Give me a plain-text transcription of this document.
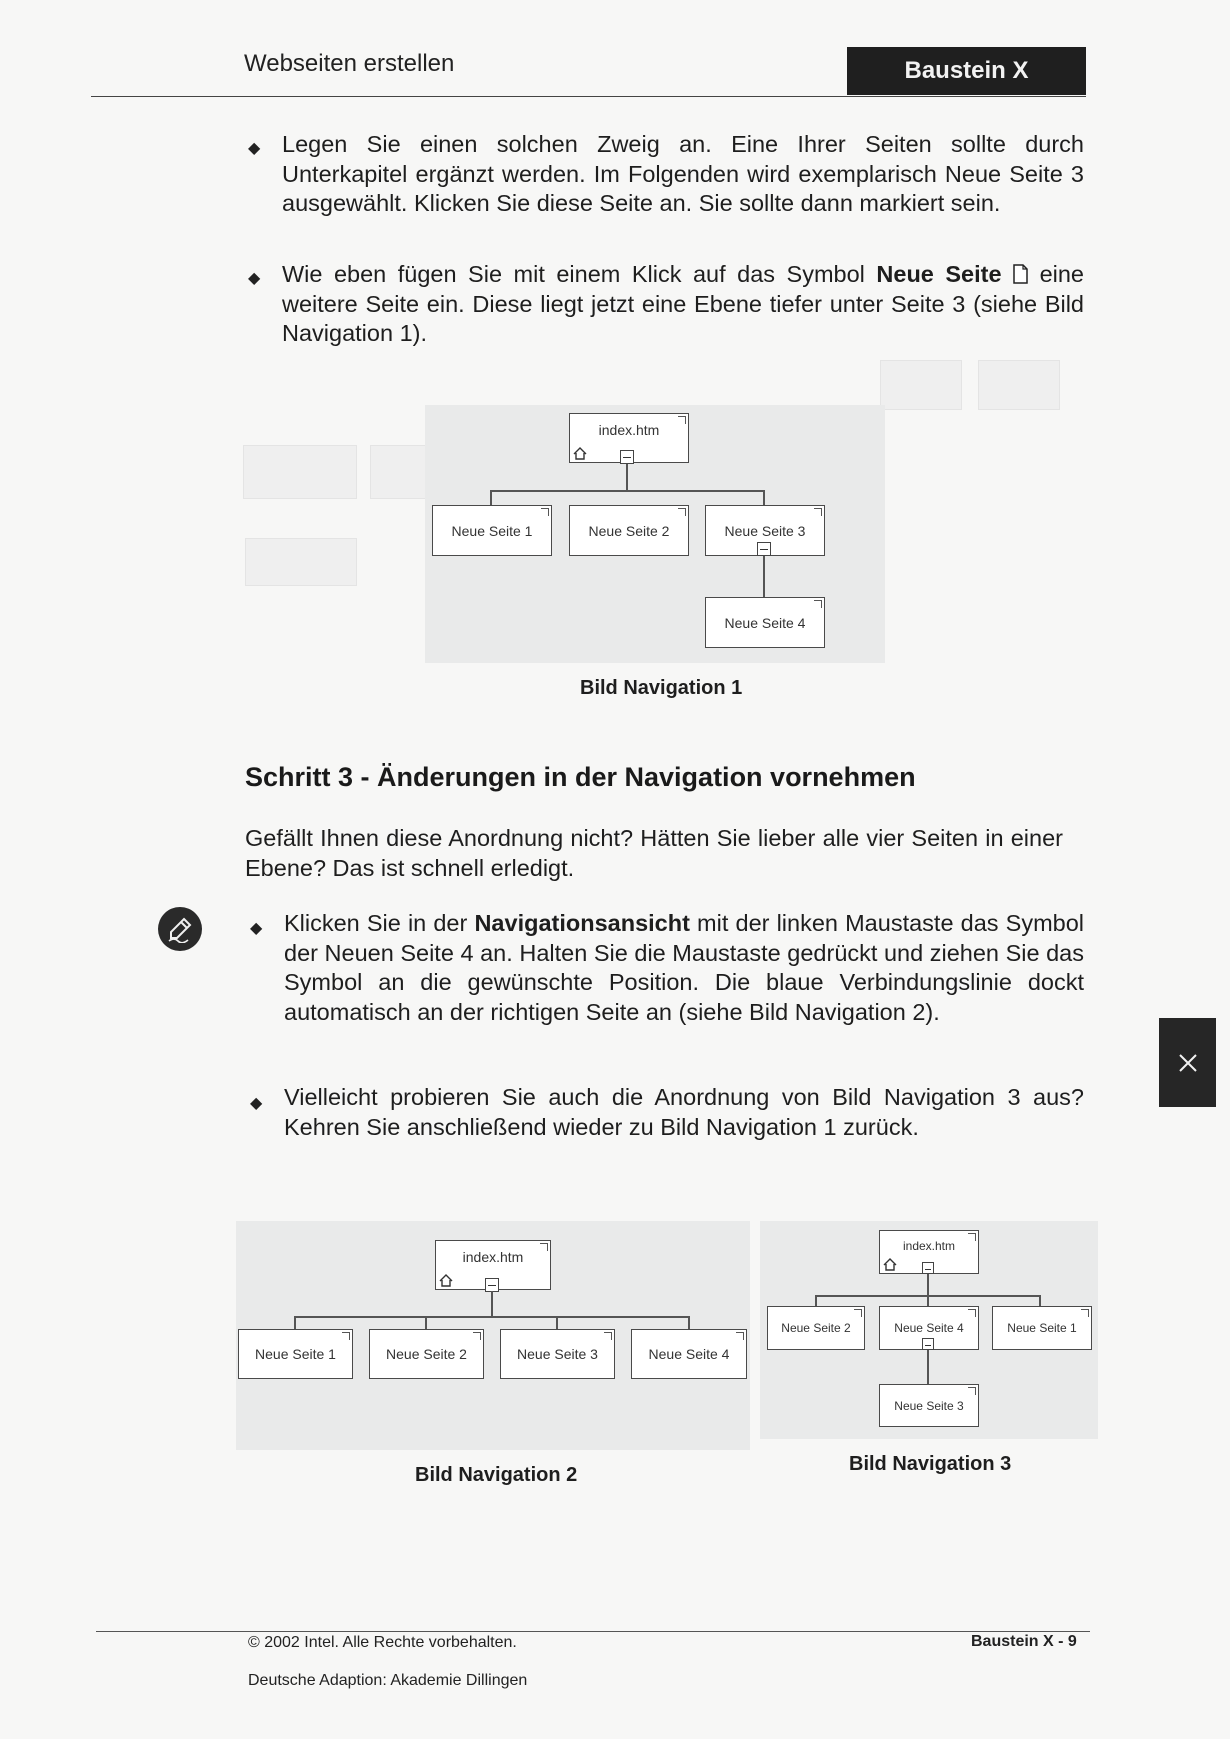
Webseiten erstellen	Baustein X
◆ Legen Sie einen solchen Zweig an. Eine Ihrer Seiten sollte durch Unterkapitel ergänzt werden. Im Folgenden wird exemplarisch Neue Seite 3 ausgewählt. Klicken Sie diese Seite an. Sie sollte dann markiert sein.
◆ Wie eben fügen Sie mit einem Klick auf das Symbol Neue Seite  eine weitere Seite ein. Diese liegt jetzt eine Ebene tiefer unter Seite 3 (siehe Bild Navigation 1).
index.htm
Neue Seite 1	Neue Seite 2	Neue Seite 3
Neue Seite 4
Bild Navigation 1
Schritt 3 - Änderungen in der Navigation vornehmen
Gefällt Ihnen diese Anordnung nicht? Hätten Sie lieber alle vier Seiten in einer Ebene? Das ist schnell erledigt.
◆ Klicken Sie in der Navigationsansicht mit der linken Maustaste das Symbol der Neuen Seite 4 an. Halten Sie die Maustaste gedrückt und ziehen Sie das Symbol an die gewünschte Position. Die blaue Verbindungslinie dockt automatisch an der richtigen Seite an (siehe Bild Navigation 2).
◆ Vielleicht probieren Sie auch die Anordnung von Bild Navigation 3 aus? Kehren Sie anschließend wieder zu Bild Navigation 1 zurück.
index.htm
Neue Seite 1	Neue Seite 2	Neue Seite 3	Neue Seite 4
Bild Navigation 2
index.htm
Neue Seite 2	Neue Seite 4	Neue Seite 1
Neue Seite 3
Bild Navigation 3
© 2002 Intel. Alle Rechte vorbehalten.
Deutsche Adaption: Akademie Dillingen
Baustein X - 9
